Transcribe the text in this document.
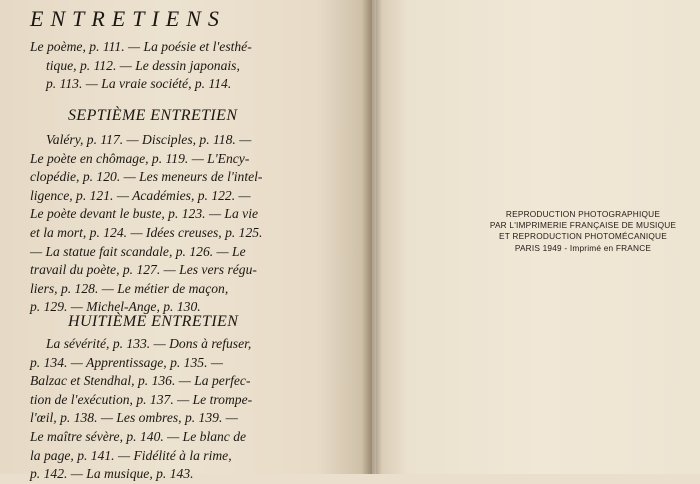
ENTRETIENS
Le poème, p. 111. — La poésie et l'esthé-
tique, p. 112. — Le dessin japonais,
p. 113. — La vraie société, p. 114.
SEPTIÈME ENTRETIEN
Valéry, p. 117. — Disciples, p. 118. —
Le poète en chômage, p. 119. — L'Ency-
clopédie, p. 120. — Les meneurs de l'intel-
ligence, p. 121. — Académies, p. 122. —
Le poète devant le buste, p. 123. — La vie
et la mort, p. 124. — Idées creuses, p. 125.
— La statue fait scandale, p. 126. — Le
travail du poète, p. 127. — Les vers régu-
liers, p. 128. — Le métier de maçon,
p. 129. — Michel-Ange, p. 130.
HUITIÈME ENTRETIEN
La sévérité, p. 133. — Dons à refuser,
p. 134. — Apprentissage, p. 135. —
Balzac et Stendhal, p. 136. — La perfec-
tion de l'exécution, p. 137. — Le trompe-
l'œil, p. 138. — Les ombres, p. 139. —
Le maître sévère, p. 140. — Le blanc de
la page, p. 141. — Fidélité à la rime,
p. 142. — La musique, p. 143.
REPRODUCTION PHOTOGRAPHIQUE
PAR L'IMPRIMERIE FRANÇAISE DE MUSIQUE
ET REPRODUCTION PHOTOMÉCANIQUE
PARIS 1949 - Imprimé en FRANCE
